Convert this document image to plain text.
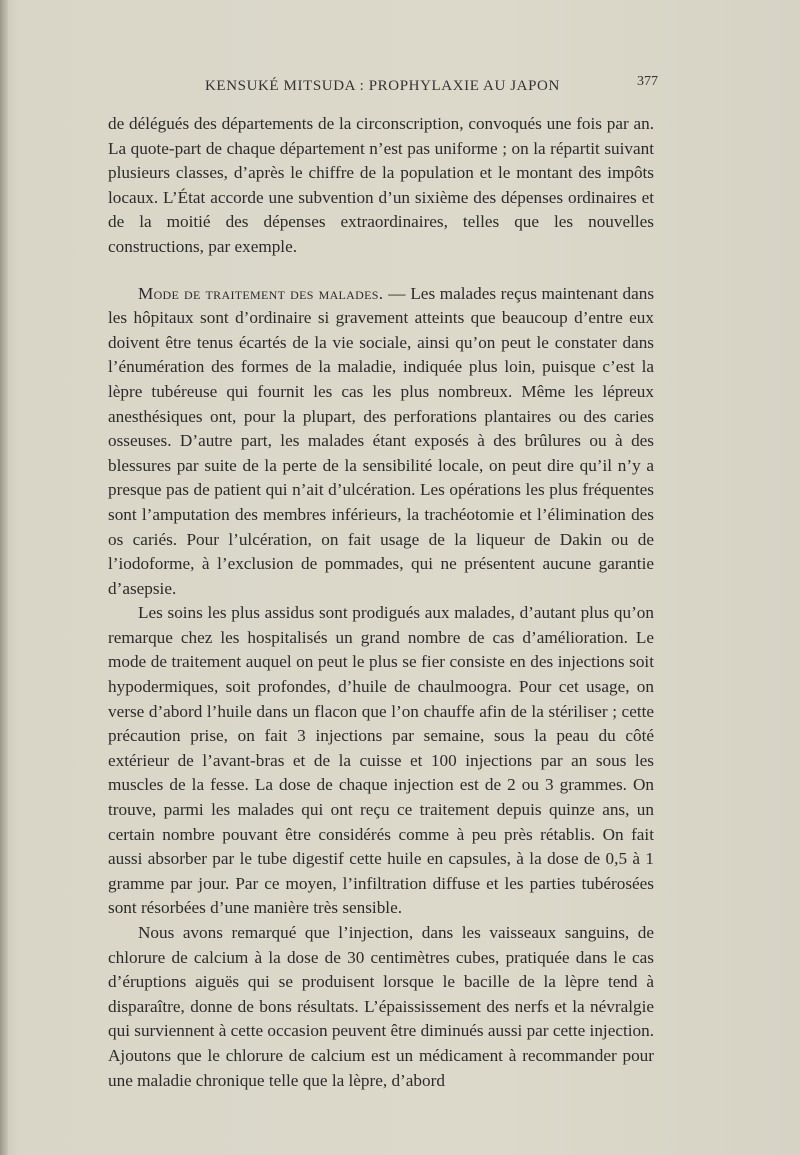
KENSUKÉ MITSUDA : PROPHYLAXIE AU JAPON	377

de délégués des départements de la circonscription, convoqués une fois par an. La quote-part de chaque département n’est pas uniforme ; on la répartit suivant plusieurs classes, d’après le chiffre de la population et le montant des impôts locaux. L’État accorde une subvention d’un sixième des dépenses ordinaires et de la moitié des dépenses extraordinaires, telles que les nouvelles constructions, par exemple.

Mode de traitement des malades. — Les malades reçus maintenant dans les hôpitaux sont d’ordinaire si gravement atteints que beaucoup d’entre eux doivent être tenus écartés de la vie sociale, ainsi qu’on peut le constater dans l’énumération des formes de la maladie, indiquée plus loin, puisque c’est la lèpre tubéreuse qui fournit les cas les plus nombreux. Même les lépreux anesthésiques ont, pour la plupart, des perforations plantaires ou des caries osseuses. D’autre part, les malades étant exposés à des brûlures ou à des blessures par suite de la perte de la sensibilité locale, on peut dire qu’il n’y a presque pas de patient qui n’ait d’ulcération. Les opérations les plus fréquentes sont l’amputation des membres inférieurs, la trachéotomie et l’élimination des os cariés. Pour l’ulcération, on fait usage de la liqueur de Dakin ou de l’iodoforme, à l’exclusion de pommades, qui ne présentent aucune garantie d’asepsie.

Les soins les plus assidus sont prodigués aux malades, d’autant plus qu’on remarque chez les hospitalisés un grand nombre de cas d’amélioration. Le mode de traitement auquel on peut le plus se fier consiste en des injections soit hypodermiques, soit profondes, d’huile de chaulmoogra. Pour cet usage, on verse d’abord l’huile dans un flacon que l’on chauffe afin de la stériliser ; cette précaution prise, on fait 3 injections par semaine, sous la peau du côté extérieur de l’avant-bras et de la cuisse et 100 injections par an sous les muscles de la fesse. La dose de chaque injection est de 2 ou 3 grammes. On trouve, parmi les malades qui ont reçu ce traitement depuis quinze ans, un certain nombre pouvant être considérés comme à peu près rétablis. On fait aussi absorber par le tube digestif cette huile en capsules, à la dose de 0,5 à 1 gramme par jour. Par ce moyen, l’infiltration diffuse et les parties tubérosées sont résorbées d’une manière très sensible.

Nous avons remarqué que l’injection, dans les vaisseaux sanguins, de chlorure de calcium à la dose de 30 centimètres cubes, pratiquée dans le cas d’éruptions aiguës qui se produisent lorsque le bacille de la lèpre tend à disparaître, donne de bons résultats. L’épaississement des nerfs et la névralgie qui surviennent à cette occasion peuvent être diminués aussi par cette injection. Ajoutons que le chlorure de calcium est un médicament à recommander pour une maladie chronique telle que la lèpre, d’abord
